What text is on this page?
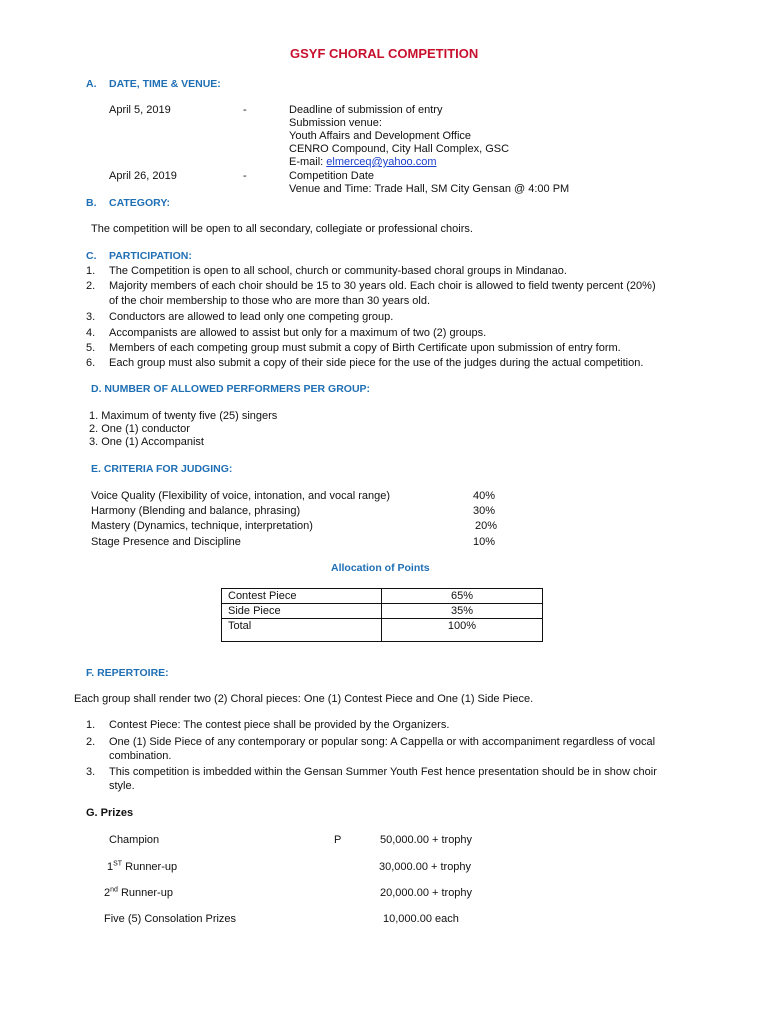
GSYF CHORAL COMPETITION
A. DATE, TIME & VENUE:
April 5, 2019	-	Deadline of submission of entry
Submission venue:
Youth Affairs and Development Office
CENRO Compound, City Hall Complex, GSC
E-mail: elmerceq@yahoo.com
April 26, 2019	-	Competition Date
Venue and Time: Trade Hall, SM City Gensan @ 4:00 PM
B. CATEGORY:
The competition will be open to all secondary, collegiate or professional choirs.
C. PARTICIPATION:
1. The Competition is open to all school, church or community-based choral groups in Mindanao.
2. Majority members of each choir should be 15 to 30 years old. Each choir is allowed to field twenty percent (20%)
of the choir membership to those who are more than 30 years old.
3. Conductors are allowed to lead only one competing group.
4. Accompanists are allowed to assist but only for a maximum of two (2) groups.
5. Members of each competing group must submit a copy of Birth Certificate upon submission of entry form.
6. Each group must also submit a copy of their side piece for the use of the judges during the actual competition.
D. NUMBER OF ALLOWED PERFORMERS PER GROUP:
1. Maximum of twenty five (25) singers
2. One (1) conductor
3. One (1) Accompanist
E. CRITERIA FOR JUDGING:
Voice Quality (Flexibility of voice, intonation, and vocal range)	40%
Harmony (Blending and balance, phrasing)	30%
Mastery (Dynamics, technique, interpretation)	20%
Stage Presence and Discipline	10%
Allocation of Points
Contest Piece	65%
Side Piece	35%
Total	100%
F. REPERTOIRE:
Each group shall render two (2) Choral pieces: One (1) Contest Piece and One (1) Side Piece.
1. Contest Piece: The contest piece shall be provided by the Organizers.
2. One (1) Side Piece of any contemporary or popular song: A Cappella or with accompaniment regardless of vocal
combination.
3. This competition is imbedded within the Gensan Summer Youth Fest hence presentation should be in show choir
style.
G. Prizes
Champion	P	50,000.00 + trophy
1ST Runner-up	30,000.00 + trophy
2nd Runner-up	20,000.00 + trophy
Five (5) Consolation Prizes	10,000.00 each
